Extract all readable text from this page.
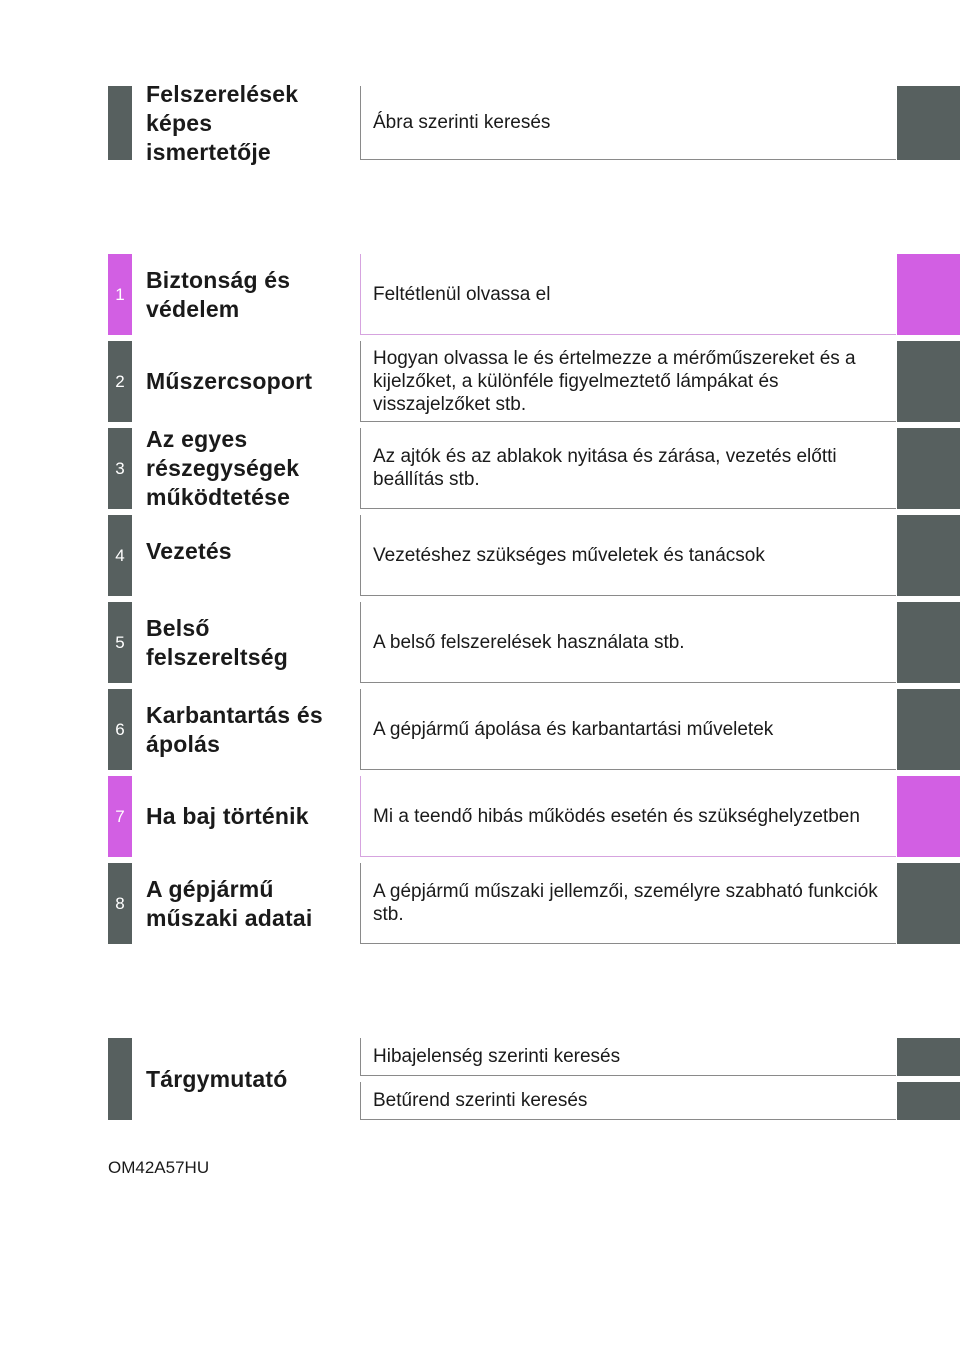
Felszerelések
képes
ismertetője
Ábra szerinti keresés
1
Biztonság és védelem
Feltétlenül olvassa el
2 Műszercsoport
Hogyan olvassa le és értelmezze a mérőműszereket és a kijelzőket, a különféle figyelmeztető lámpákat és visszajelzőket stb.
3
Az egyes részegységek működtetése
Az ajtók és az ablakok nyitása és zárása, vezetés előtti beállítás stb.
4 Vezetés	Vezetéshez szükséges műveletek és tanácsok
5
Belső felszereltség
A belső felszerelések használata stb.
6
Karbantartás és ápolás
A gépjármű ápolása és karbantartási műveletek
7 Ha baj történik	Mi a teendő hibás működés esetén és szükséghelyzetben
8
A gépjármű műszaki adatai
A gépjármű műszaki jellemzői, személyre szabható funkciók stb.
Tárgymutató
Hibajelenség szerinti keresés
Betűrend szerinti keresés
OM42A57HU
